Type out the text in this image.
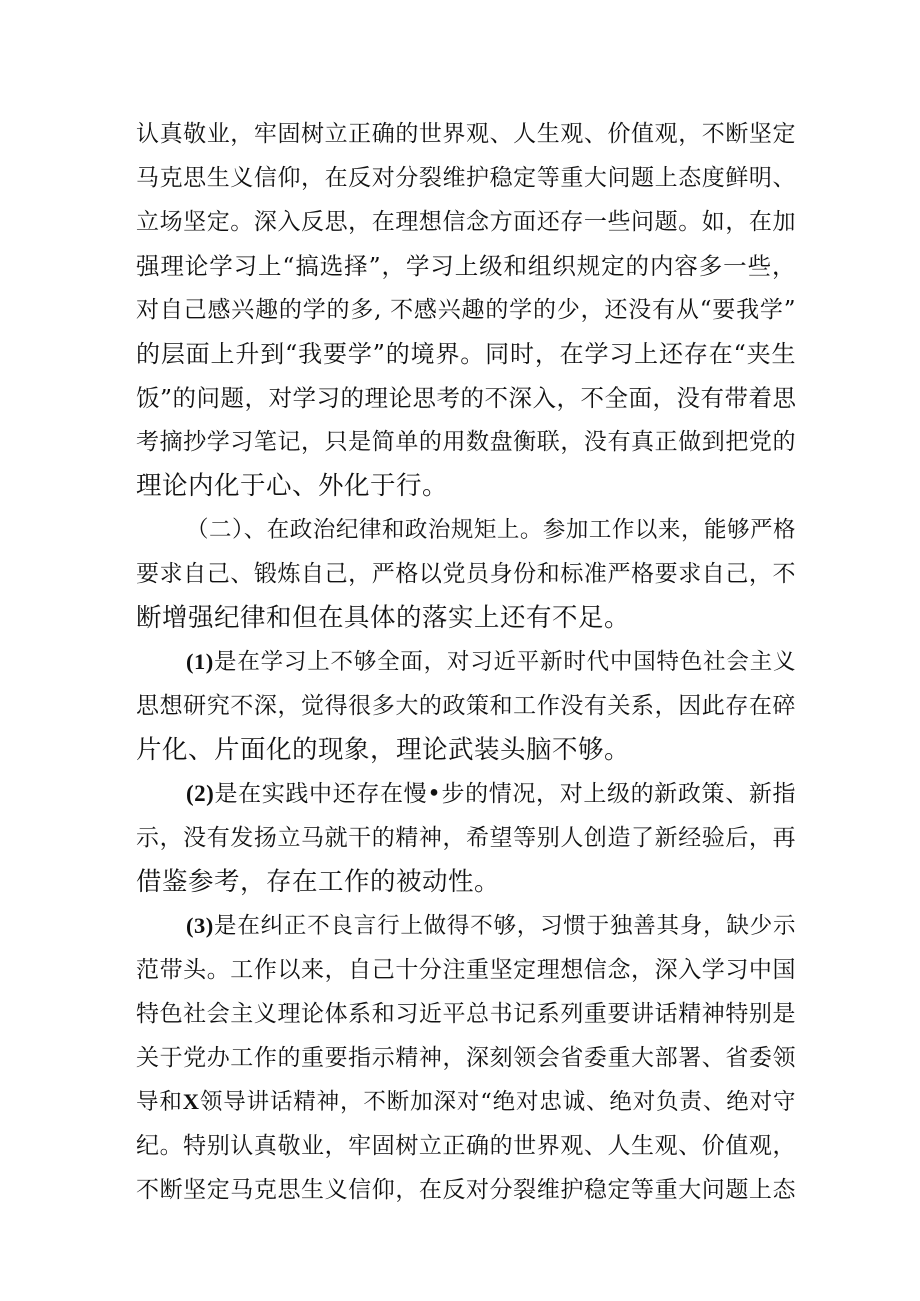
认真敬业，牢固树立正确的世界观、人生观、价值观，不断坚定
马克思生义信仰，在反对分裂维护稳定等重大问题上态度鲜明、
立场坚定。深入反思，在理想信念方面还存一些问题。如，在加
强理论学习上“搞选择”，学习上级和组织规定的内容多一些，
对自己感兴趣的学的多, 不感兴趣的学的少，还没有从“要我学”
的层面上升到“我要学”的境界。同时，在学习上还存在“夹生
饭”的问题，对学习的理论思考的不深入，不全面，没有带着思
考摘抄学习笔记，只是简单的用数盘衡联，没有真正做到把党的
理论内化于心、外化于行。
（二）、在政治纪律和政治规矩上。参加工作以来，能够严格
要求自己、锻炼自己，严格以党员身份和标准严格要求自己，不
断增强纪律和但在具体的落实上还有不足。
(1)是在学习上不够全面，对习近平新时代中国特色社会主义
思想研究不深，觉得很多大的政策和工作没有关系，因此存在碎
片化、片面化的现象，理论武装头脑不够。
(2)是在实践中还存在慢•步的情况，对上级的新政策、新指
示，没有发扬立马就干的精神，希望等别人创造了新经验后，再
借鉴参考，存在工作的被动性。
(3)是在纠正不良言行上做得不够，习惯于独善其身，缺少示
范带头。工作以来，自己十分注重坚定理想信念，深入学习中国
特色社会主义理论体系和习近平总书记系列重要讲话精神特别是
关于党办工作的重要指示精神，深刻领会省委重大部署、省委领
导和X领导讲话精神，不断加深对“绝对忠诚、绝对负责、绝对守
纪。特别认真敬业，牢固树立正确的世界观、人生观、价值观，
不断坚定马克思生义信仰，在反对分裂维护稳定等重大问题上态
